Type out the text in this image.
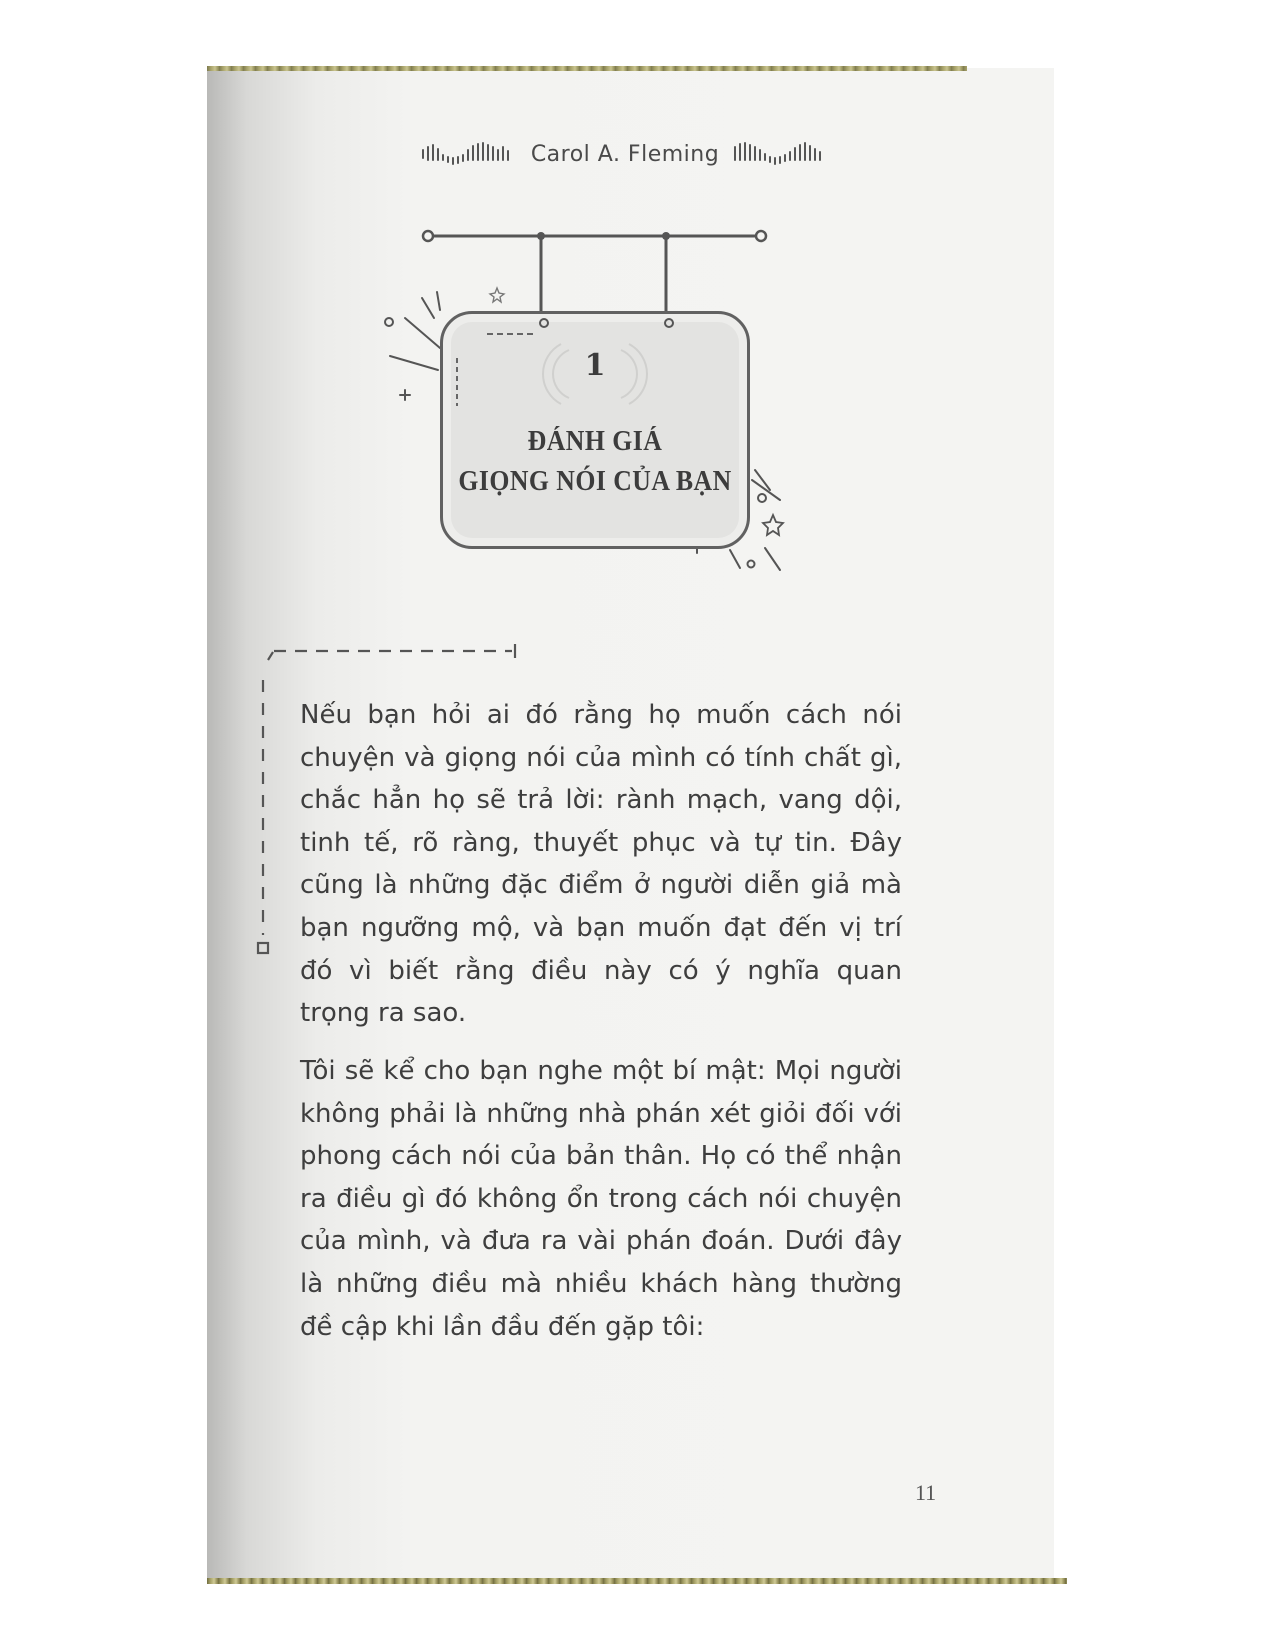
Carol A. Fleming
1
ĐÁNH GIÁ
GIỌNG NÓI CỦA BẠN
Nếu bạn hỏi ai đó rằng họ muốn cách nói chuyện và giọng nói của mình có tính chất gì, chắc hẳn họ sẽ trả lời: rành mạch, vang dội, tinh tế, rõ ràng, thuyết phục và tự tin. Đây cũng là những đặc điểm ở người diễn giả mà bạn ngưỡng mộ, và bạn muốn đạt đến vị trí đó vì biết rằng điều này có ý nghĩa quan trọng ra sao.
Tôi sẽ kể cho bạn nghe một bí mật: Mọi người không phải là những nhà phán xét giỏi đối với phong cách nói của bản thân. Họ có thể nhận ra điều gì đó không ổn trong cách nói chuyện của mình, và đưa ra vài phán đoán. Dưới đây là những điều mà nhiều khách hàng thường đề cập khi lần đầu đến gặp tôi:
11
